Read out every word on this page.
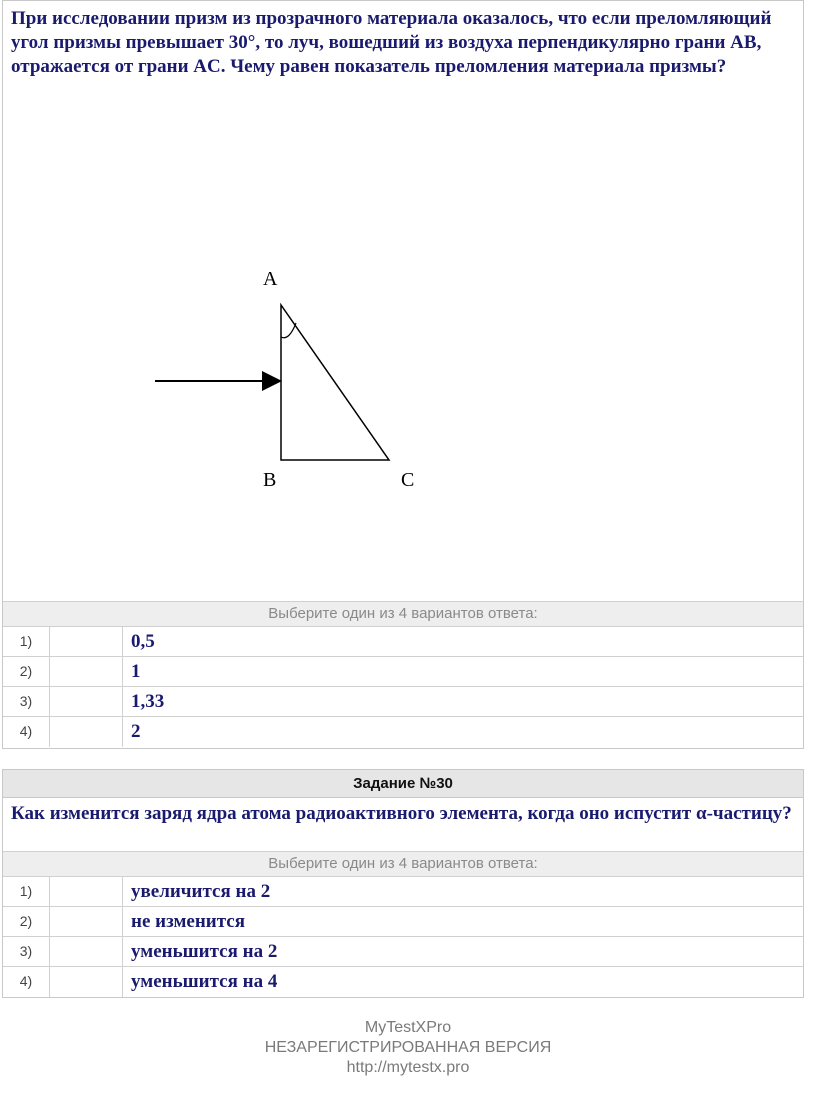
При исследовании призм из прозрачного материала оказалось, что если преломляющий угол призмы превышает 30°, то луч, вошедший из воздуха перпендикулярно грани AB, отражается от грани AC. Чему равен показатель преломления материала призмы?
A
B	C
Выберите один из 4 вариантов ответа:
1)	0,5
2)	1
3)	1,33
4)	2
Задание №30
Как изменится заряд ядра атома радиоактивного элемента, когда оно испустит α-частицу?
Выберите один из 4 вариантов ответа:
1)	увеличится на 2
2)	не изменится
3)	уменьшится на 2
4)	уменьшится на 4
MyTestXPro
НЕЗАРЕГИСТРИРОВАННАЯ ВЕРСИЯ
http://mytestx.pro
